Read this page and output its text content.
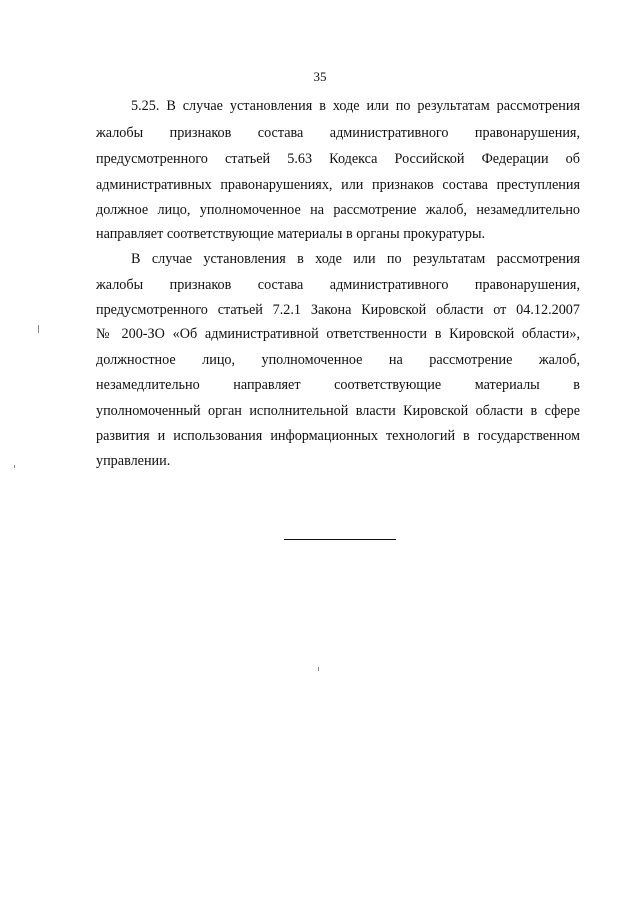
35
5.25. В случае установления в ходе или по результатам рассмотрения
жалобы признаков состава административного правонарушения,
предусмотренного статьей 5.63 Кодекса Российской Федерации об
административных правонарушениях, или признаков состава преступления
должное лицо, уполномоченное на рассмотрение жалоб, незамедлительно
направляет соответствующие материалы в органы прокуратуры.
В случае установления в ходе или по результатам рассмотрения
жалобы признаков состава административного правонарушения,
предусмотренного статьей 7.2.1 Закона Кировской области от 04.12.2007
№ 200-ЗО «Об административной ответственности в Кировской области»,
должностное лицо, уполномоченное на рассмотрение жалоб,
незамедлительно направляет соответствующие материалы в
уполномоченный орган исполнительной власти Кировской области в сфере
развития и использования информационных технологий в государственном
управлении.
